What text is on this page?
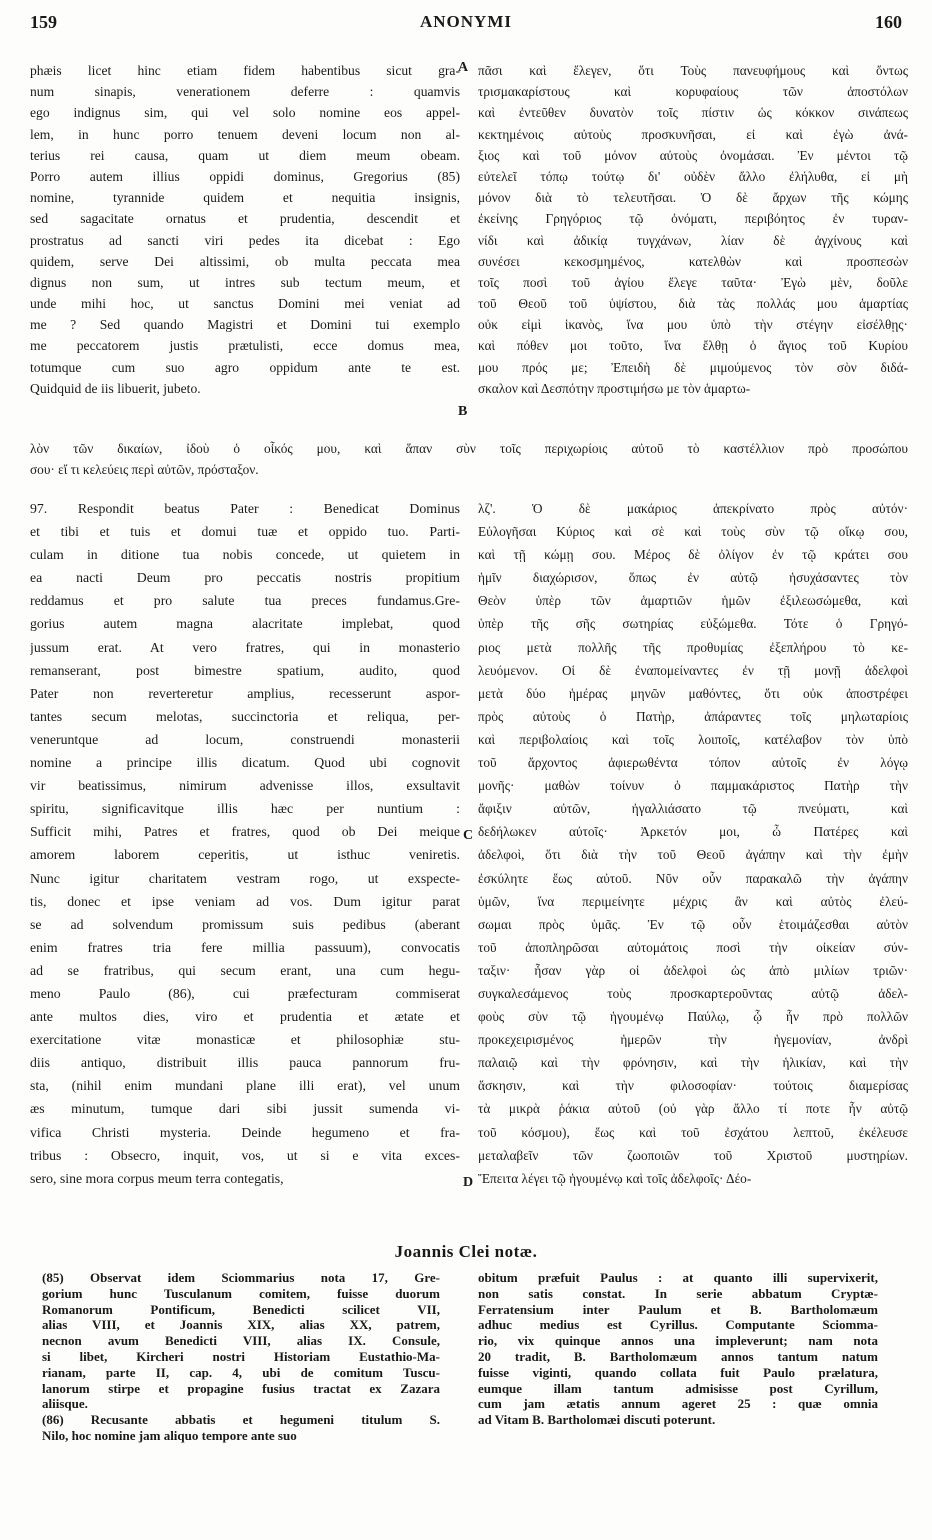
159	ANONYMI	160
phæis licet hinc etiam fidem habentibus sicut gra-
num sinapis, venerationem deferre : quamvis
ego indignus sim, qui vel solo nomine eos appel-
lem, in hunc porro tenuem deveni locum non al-
terius rei causa, quam ut diem meum obeam.
Porro autem illius oppidi dominus, Gregorius (85)
nomine, tyrannide quidem et nequitia insignis,
sed sagacitate ornatus et prudentia, descendit et
prostratus ad sancti viri pedes ita dicebat : Ego
quidem, serve Dei altissimi, ob multa peccata mea
dignus non sum, ut intres sub tectum meum, et
unde mihi hoc, ut sanctus Domini mei veniat ad
me ? Sed quando Magistri et Domini tui exemplo
me peccatorem justis prætulisti, ecce domus mea,
totumque cum suo agro oppidum ante te est.
Quidquid de iis libuerit, jubeto.
πᾶσι καὶ ἔλεγεν, ὅτι Τοὺς πανευφήμους καὶ ὄντως
τρισμακαρίστους καὶ κορυφαίους τῶν ἀποστόλων
καὶ ἐντεῦθεν δυνατὸν τοῖς πίστιν ὡς κόκκον σινάπεως
κεκτημένοις αὐτοὺς προσκυνῆσαι, εἰ καὶ ἐγὼ ἀνά-
ξιος καὶ τοῦ μόνον αὐτοὺς ὀνομάσαι. Ἐν μέντοι τῷ
εὐτελεῖ τόπῳ τούτῳ δι' οὐδὲν ἄλλο ἐλήλυθα, εἰ μὴ
μόνον διὰ τὸ τελευτῆσαι. Ὁ δὲ ἄρχων τῆς κώμης
ἐκείνης Γρηγόριος τῷ ὀνόματι, περιβόητος ἐν τυραν-
νίδι καὶ ἀδικίᾳ τυγχάνων, λίαν δὲ ἀγχίνους καὶ
συνέσει κεκοσμημένος, κατελθὼν καὶ προσπεσὼν
τοῖς ποσὶ τοῦ ἁγίου ἔλεγε ταῦτα· Ἐγὼ μὲν, δοῦλε
τοῦ Θεοῦ τοῦ ὑψίστου, διὰ τὰς πολλάς μου ἁμαρτίας
οὐκ εἰμὶ ἱκανὸς, ἵνα μου ὑπὸ τὴν στέγην εἰσέλθῃς·
καὶ πόθεν μοι τοῦτο, ἵνα ἔλθῃ ὁ ἅγιος τοῦ Κυρίου
μου πρός με; Ἐπειδὴ δὲ μιμούμενος τὸν σὸν διδά-
σκαλον καὶ Δεσπότην προστιμήσω με τὸν ἁμαρτω-
A
B
C
D
λὸν τῶν δικαίων, ἰδοὺ ὁ οἶκός μου, καὶ ἅπαν σὺν τοῖς περιχωρίοις αὐτοῦ τὸ καστέλλιον πρὸ προσώπου
σου· εἴ τι κελεύεις περὶ αὐτῶν, πρόσταξον.
97. Respondit beatus Pater : Benedicat Dominus
et tibi et tuis et domui tuæ et oppido tuo. Parti-
culam in ditione tua nobis concede, ut quietem in
ea nacti Deum pro peccatis nostris propitium
reddamus et pro salute tua preces fundamus.Gre-
gorius autem magna alacritate implebat, quod
jussum erat. At vero fratres, qui in monasterio
remanserant, post bimestre spatium, audito, quod
Pater non reverteretur amplius, recesserunt aspor-
tantes secum melotas, succinctoria et reliqua, per-
veneruntque ad locum, construendi monasterii
nomine a principe illis dicatum. Quod ubi cognovit
vir beatissimus, nimirum advenisse illos, exsultavit
spiritu, significavitque illis hæc per nuntium :
Sufficit mihi, Patres et fratres, quod ob Dei meique
amorem laborem ceperitis, ut isthuc veniretis.
Nunc igitur charitatem vestram rogo, ut exspecte-
tis, donec et ipse veniam ad vos. Dum igitur parat
se ad solvendum promissum suis pedibus (aberant
enim fratres tria fere millia passuum), convocatis
ad se fratribus, qui secum erant, una cum hegu-
meno Paulo (86), cui præfecturam commiserat
ante multos dies, viro et prudentia et ætate et
exercitatione vitæ monasticæ et philosophiæ stu-
diis antiquo, distribuit illis pauca pannorum fru-
sta, (nihil enim mundani plane illi erat), vel unum
æs minutum, tumque dari sibi jussit sumenda vi-
vifica Christi mysteria. Deinde hegumeno et fra-
tribus : Obsecro, inquit, vos, ut si e vita exces-
sero, sine mora corpus meum terra contegatis,
λζ'. Ὁ δὲ μακάριος ἀπεκρίνατο πρὸς αὐτόν·
Εὐλογῆσαι Κύριος καὶ σὲ καὶ τοὺς σὺν τῷ οἴκῳ σου,
καὶ τῇ κώμῃ σου. Μέρος δὲ ὀλίγον ἐν τῷ κράτει σου
ἡμῖν διαχώρισον, ὅπως ἐν αὐτῷ ἡσυχάσαντες τὸν
Θεὸν ὑπὲρ τῶν ἁμαρτιῶν ἡμῶν ἐξιλεωσώμεθα, καὶ
ὑπὲρ τῆς σῆς σωτηρίας εὐξώμεθα. Τότε ὁ Γρηγό-
ριος μετὰ πολλῆς τῆς προθυμίας ἐξεπλήρου τὸ κε-
λευόμενον. Οἱ δὲ ἐναπομείναντες ἐν τῇ μονῇ ἀδελφοὶ
μετὰ δύο ἡμέρας μηνῶν μαθόντες, ὅτι οὐκ ἀποστρέφει
πρὸς αὐτοὺς ὁ Πατὴρ, ἀπάραντες τοῖς μηλωταρίοις
καὶ περιβολαίοις καὶ τοῖς λοιποῖς, κατέλαβον τὸν ὑπὸ
τοῦ ἄρχοντος ἀφιερωθέντα τόπον αὐτοῖς ἐν λόγῳ
μονῆς· μαθὼν τοίνυν ὁ παμμακάριστος Πατὴρ τὴν
ἄφιξιν αὐτῶν, ἠγαλλιάσατο τῷ πνεύματι, καὶ
δεδήλωκεν αὐτοῖς· Ἀρκετόν μοι, ὦ Πατέρες καὶ
ἀδελφοὶ, ὅτι διὰ τὴν τοῦ Θεοῦ ἀγάπην καὶ τὴν ἐμὴν
ἐσκύλητε ἕως αὐτοῦ. Νῦν οὖν παρακαλῶ τὴν ἀγάπην
ὑμῶν, ἵνα περιμείνητε μέχρις ἂν καὶ αὐτὸς ἐλεύ-
σωμαι πρὸς ὑμᾶς. Ἐν τῷ οὖν ἑτοιμάζεσθαι αὐτὸν
τοῦ ἀποπληρῶσαι αὐτομάτοις ποσὶ τὴν οἰκείαν σύν-
ταξιν· ἦσαν γὰρ οἱ ἀδελφοὶ ὡς ἀπὸ μιλίων τριῶν·
συγκαλεσάμενος τοὺς προσκαρτεροῦντας αὐτῷ ἀδελ-
φοὺς σὺν τῷ ἡγουμένῳ Παύλῳ, ᾧ ἦν πρὸ πολλῶν
προκεχειρισμένος ἡμερῶν τὴν ἡγεμονίαν, ἀνδρὶ
παλαιῷ καὶ τὴν φρόνησιν, καὶ τὴν ἡλικίαν, καὶ τὴν
ἄσκησιν, καὶ τὴν φιλοσοφίαν· τούτοις διαμερίσας
τὰ μικρὰ ῥάκια αὐτοῦ (οὐ γὰρ ἄλλο τί ποτε ἦν αὐτῷ
τοῦ κόσμου), ἕως καὶ τοῦ ἐσχάτου λεπτοῦ, ἐκέλευσε
μεταλαβεῖν τῶν ζωοποιῶν τοῦ Χριστοῦ μυστηρίων.
Ἔπειτα λέγει τῷ ἡγουμένῳ καὶ τοῖς ἀδελφοῖς· Δέο-
Joannis Clei notæ.
(85) Observat idem Sciommarius nota 17, Gre-
gorium hunc Tusculanum comitem, fuisse duorum
Romanorum Pontificum, Benedicti scilicet VII,
alias VIII, et Joannis XIX, alias XX, patrem,
necnon avum Benedicti VIII, alias IX. Consule,
si libet, Kircheri nostri Historiam Eustathio-Ma-
rianam, parte II, cap. 4, ubi de comitum Tuscu-
lanorum stirpe et propagine fusius tractat ex Zazara
aliisque.
(86) Recusante abbatis et hegumeni titulum S.
Nilo, hoc nomine jam aliquo tempore ante suo
obitum præfuit Paulus : at quanto illi supervixerit,
non satis constat. In serie abbatum Cryptæ-
Ferratensium inter Paulum et B. Bartholomæum
adhuc medius est Cyrillus. Computante Sciomma-
rio, vix quinque annos una impleverunt; nam nota
20 tradit, B. Bartholomæum annos tantum natum
fuisse viginti, quando collata fuit Paulo prælatura,
eumque illam tantum admisisse post Cyrillum,
cum jam ætatis annum ageret 25 : quæ omnia
ad Vitam B. Bartholomæi discuti poterunt.
